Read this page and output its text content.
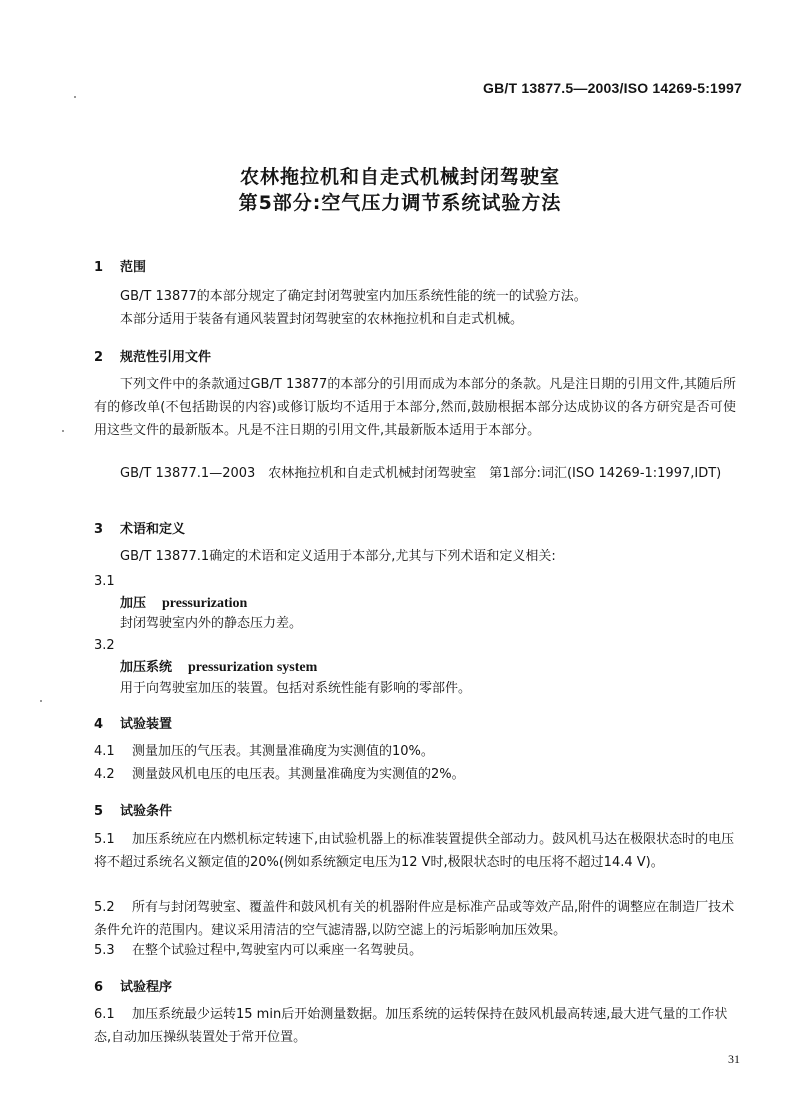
GB/T 13877.5—2003/ISO 14269-5:1997
农林拖拉机和自走式机械封闭驾驶室
第5部分:空气压力调节系统试验方法
1 范围
GB/T 13877的本部分规定了确定封闭驾驶室内加压系统性能的统一的试验方法。
本部分适用于装备有通风装置封闭驾驶室的农林拖拉机和自走式机械。
2 规范性引用文件
下列文件中的条款通过GB/T 13877的本部分的引用而成为本部分的条款。凡是注日期的引用文件,其随后所有的修改单(不包括勘误的内容)或修订版均不适用于本部分,然而,鼓励根据本部分达成协议的各方研究是否可使用这些文件的最新版本。凡是不注日期的引用文件,其最新版本适用于本部分。
GB/T 13877.1—2003　农林拖拉机和自走式机械封闭驾驶室　第1部分:词汇(ISO 14269-1:1997,IDT)
3 术语和定义
GB/T 13877.1确定的术语和定义适用于本部分,尤其与下列术语和定义相关:
3.1
加压 pressurization
封闭驾驶室内外的静态压力差。
3.2
加压系统 pressurization system
用于向驾驶室加压的装置。包括对系统性能有影响的零部件。
4 试验装置
4.1 测量加压的气压表。其测量准确度为实测值的10%。
4.2 测量鼓风机电压的电压表。其测量准确度为实测值的2%。
5 试验条件
5.1 加压系统应在内燃机标定转速下,由试验机器上的标准装置提供全部动力。鼓风机马达在极限状态时的电压将不超过系统名义额定值的20%(例如系统额定电压为12 V时,极限状态时的电压将不超过14.4 V)。
5.2 所有与封闭驾驶室、覆盖件和鼓风机有关的机器附件应是标准产品或等效产品,附件的调整应在制造厂技术条件允许的范围内。建议采用清洁的空气滤清器,以防空滤上的污垢影响加压效果。
5.3 在整个试验过程中,驾驶室内可以乘座一名驾驶员。
6 试验程序
6.1 加压系统最少运转15 min后开始测量数据。加压系统的运转保持在鼓风机最高转速,最大进气量的工作状态,自动加压操纵装置处于常开位置。
31
